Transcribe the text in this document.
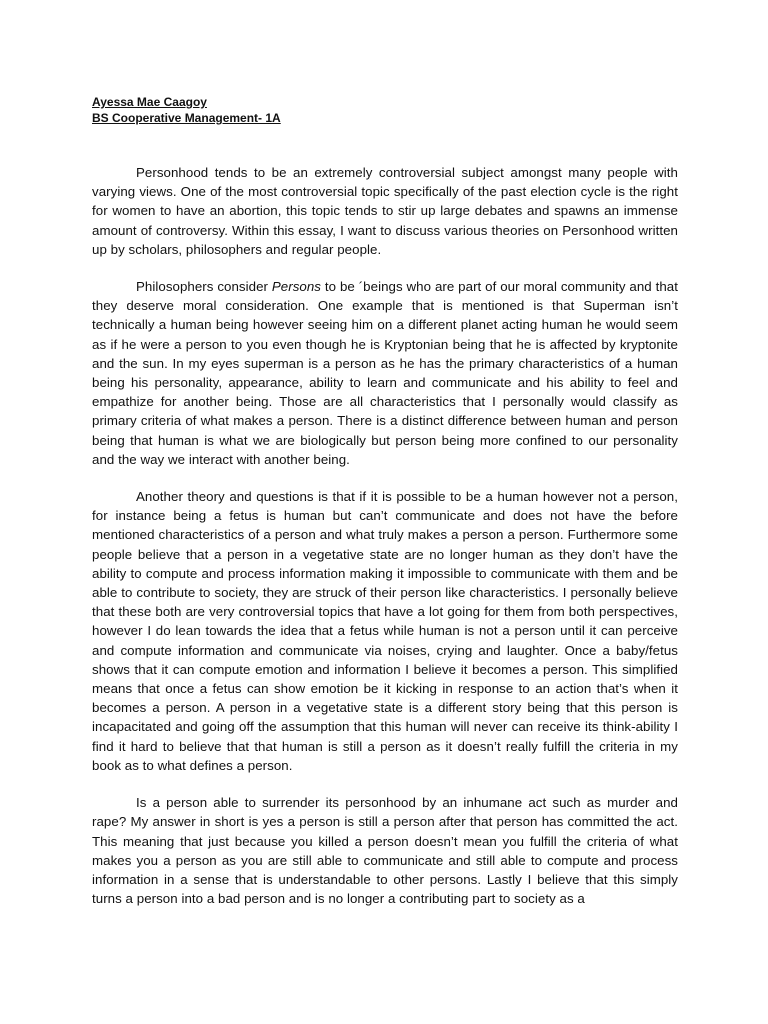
Ayessa Mae Caagoy

BS Cooperative Management- 1A

Personhood tends to be an extremely controversial subject amongst many people with varying views. One of the most controversial topic specifically of the past election cycle is the right for women to have an abortion, this topic tends to stir up large debates and spawns an immense amount of controversy. Within this essay, I want to discuss various theories on Personhood written up by scholars, philosophers and regular people.

Philosophers consider Persons to be ´beings who are part of our moral community and that they deserve moral consideration. One example that is mentioned is that Superman isn’t technically a human being however seeing him on a different planet acting human he would seem as if he were a person to you even though he is Kryptonian being that he is affected by kryptonite and the sun. In my eyes superman is a person as he has the primary characteristics of a human being his personality, appearance, ability to learn and communicate and his ability to feel and empathize for another being. Those are all characteristics that I personally would classify as primary criteria of what makes a person. There is a distinct difference between human and person being that human is what we are biologically but person being more confined to our personality and the way we interact with another being.

Another theory and questions is that if it is possible to be a human however not a person, for instance being a fetus is human but can’t communicate and does not have the before mentioned characteristics of a person and what truly makes a person a person. Furthermore some people believe that a person in a vegetative state are no longer human as they don’t have the ability to compute and process information making it impossible to communicate with them and be able to contribute to society, they are struck of their person like characteristics. I personally believe that these both are very controversial topics that have a lot going for them from both perspectives, however I do lean towards the idea that a fetus while human is not a person until it can perceive and compute information and communicate via noises, crying and laughter. Once a baby/fetus shows that it can compute emotion and information I believe it becomes a person. This simplified means that once a fetus can show emotion be it kicking in response to an action that’s when it becomes a person. A person in a vegetative state is a different story being that this person is incapacitated and going off the assumption that this human will never can receive its think-ability I find it hard to believe that that human is still a person as it doesn’t really fulfill the criteria in my book as to what defines a person.

Is a person able to surrender its personhood by an inhumane act such as murder and rape? My answer in short is yes a person is still a person after that person has committed the act. This meaning that just because you killed a person doesn’t mean you fulfill the criteria of what makes you a person as you are still able to communicate and still able to compute and process information in a sense that is understandable to other persons. Lastly I believe that this simply turns a person into a bad person and is no longer a contributing part to society as a
